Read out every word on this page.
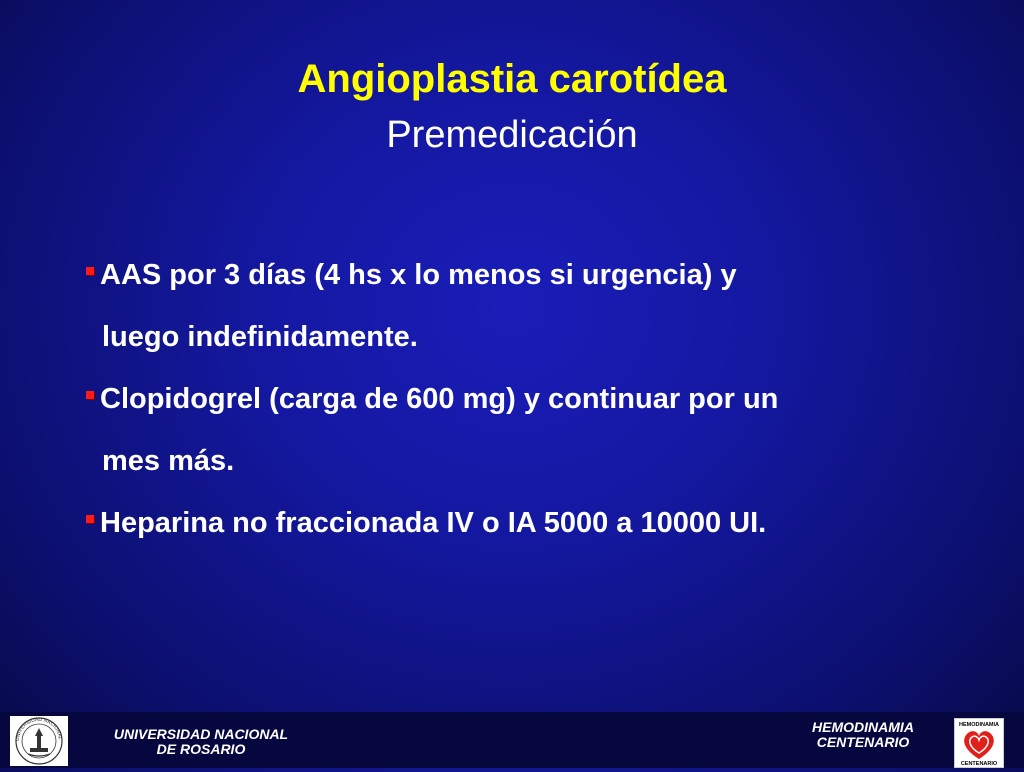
Angioplastia carotídea
Premedicación
AAS por 3 días (4 hs x lo menos si urgencia) y
luego indefinidamente.
Clopidogrel (carga de 600 mg) y continuar por un
mes más.
Heparina no fraccionada IV o IA 5000 a 10000 UI.
UNIVERSIDAD NACIONAL	UNIVERSIDAD NACIONAL
DE ROSARIO
HEMODINAMIA
CENTENARIO
HEMODINAMIA
CENTENARIO
